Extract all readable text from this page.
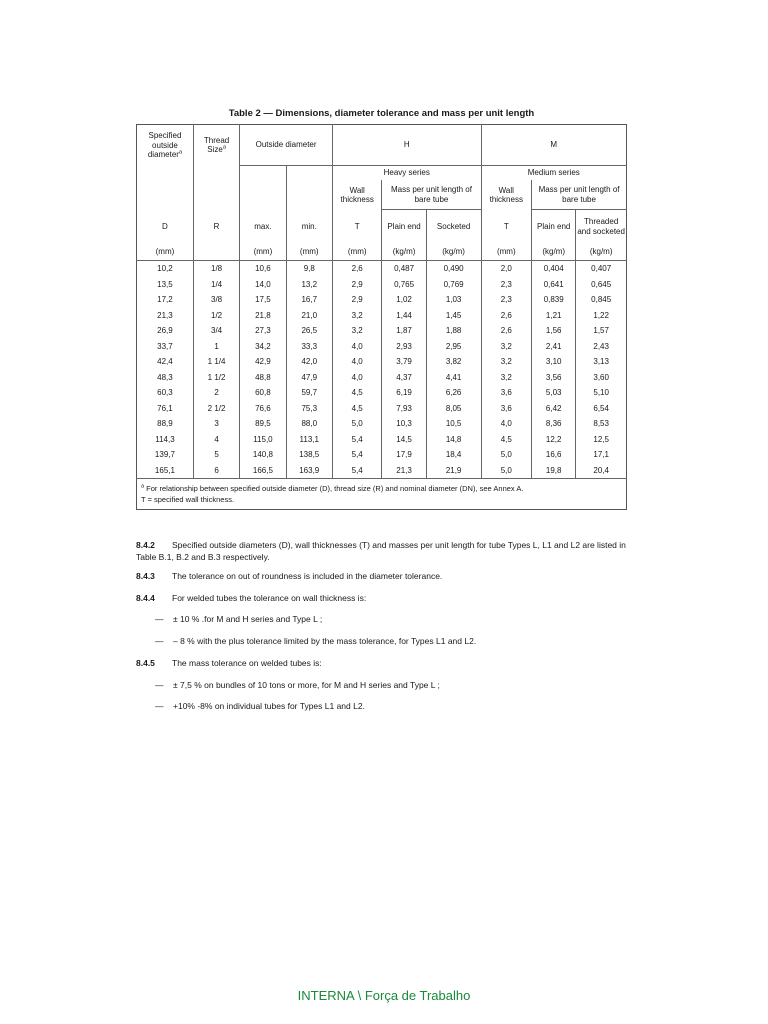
Table 2 — Dimensions, diameter tolerance and mass per unit length
Specified outside diameter$^a$	Thread Size$^a$	Outside diameter		H			M		
				Heavy series			Medium series		
				Wall thickness	Mass per unit length of bare tube		Wall thickness	Mass per unit length of bare tube	
D	R	max.	min.	T	Plain end	Socketed	T	Plain end	Threaded and socketed
(mm)		(mm)	(mm)	(mm)	(kg/m)	(kg/m)	(mm)	(kg/m)	(kg/m)
10,2	1/8	10,6	9,8	2,6	0,487	0,490	2,0	0,404	0,407
13,5	1/4	14,0	13,2	2,9	0,765	0,769	2,3	0,641	0,645
17,2	3/8	17,5	16,7	2,9	1,02	1,03	2,3	0,839	0,845
21,3	1/2	21,8	21,0	3,2	1,44	1,45	2,6	1,21	1,22
26,9	3/4	27,3	26,5	3,2	1,87	1,88	2,6	1,56	1,57
33,7	1	34,2	33,3	4,0	2,93	2,95	3,2	2,41	2,43
42,4	1 1/4	42,9	42,0	4,0	3,79	3,82	3,2	3,10	3,13
48,3	1 1/2	48,8	47,9	4,0	4,37	4,41	3,2	3,56	3,60
60,3	2	60,8	59,7	4,5	6,19	6,26	3,6	5,03	5,10
76,1	2 1/2	76,6	75,3	4,5	7,93	8,05	3,6	6,42	6,54
88,9	3	89,5	88,0	5,0	10,3	10,5	4,0	8,36	8,53
114,3	4	115,0	113,1	5,4	14,5	14,8	4,5	12,2	12,5
139,7	5	140,8	138,5	5,4	17,9	18,4	5,0	16,6	17,1
165,1	6	166,5	163,9	5,4	21,3	21,9	5,0	19,8	20,4

$^a$ For relationship between specified outside diameter (D), thread size (R) and nominal diameter (DN), see Annex A.
T = specified wall thickness.									
8.4.2 Specified outside diameters (D), wall thicknesses (T) and masses per unit length for tube Types L, L1 and L2 are listed in Table B.1, B.2 and B.3 respectively.
8.4.3 The tolerance on out of roundness is included in the diameter tolerance.
8.4.4 For welded tubes the tolerance on wall thickness is:
— ± 10 % .for M and H series and Type L ;
— – 8 % with the plus tolerance limited by the mass tolerance, for Types L1 and L2.
8.4.5 The mass tolerance on welded tubes is:
— ± 7,5 % on bundles of 10 tons or more, for M and H series and Type L ;
— +10% -8% on individual tubes for Types L1 and L2.
INTERNA \ Força de Trabalho
